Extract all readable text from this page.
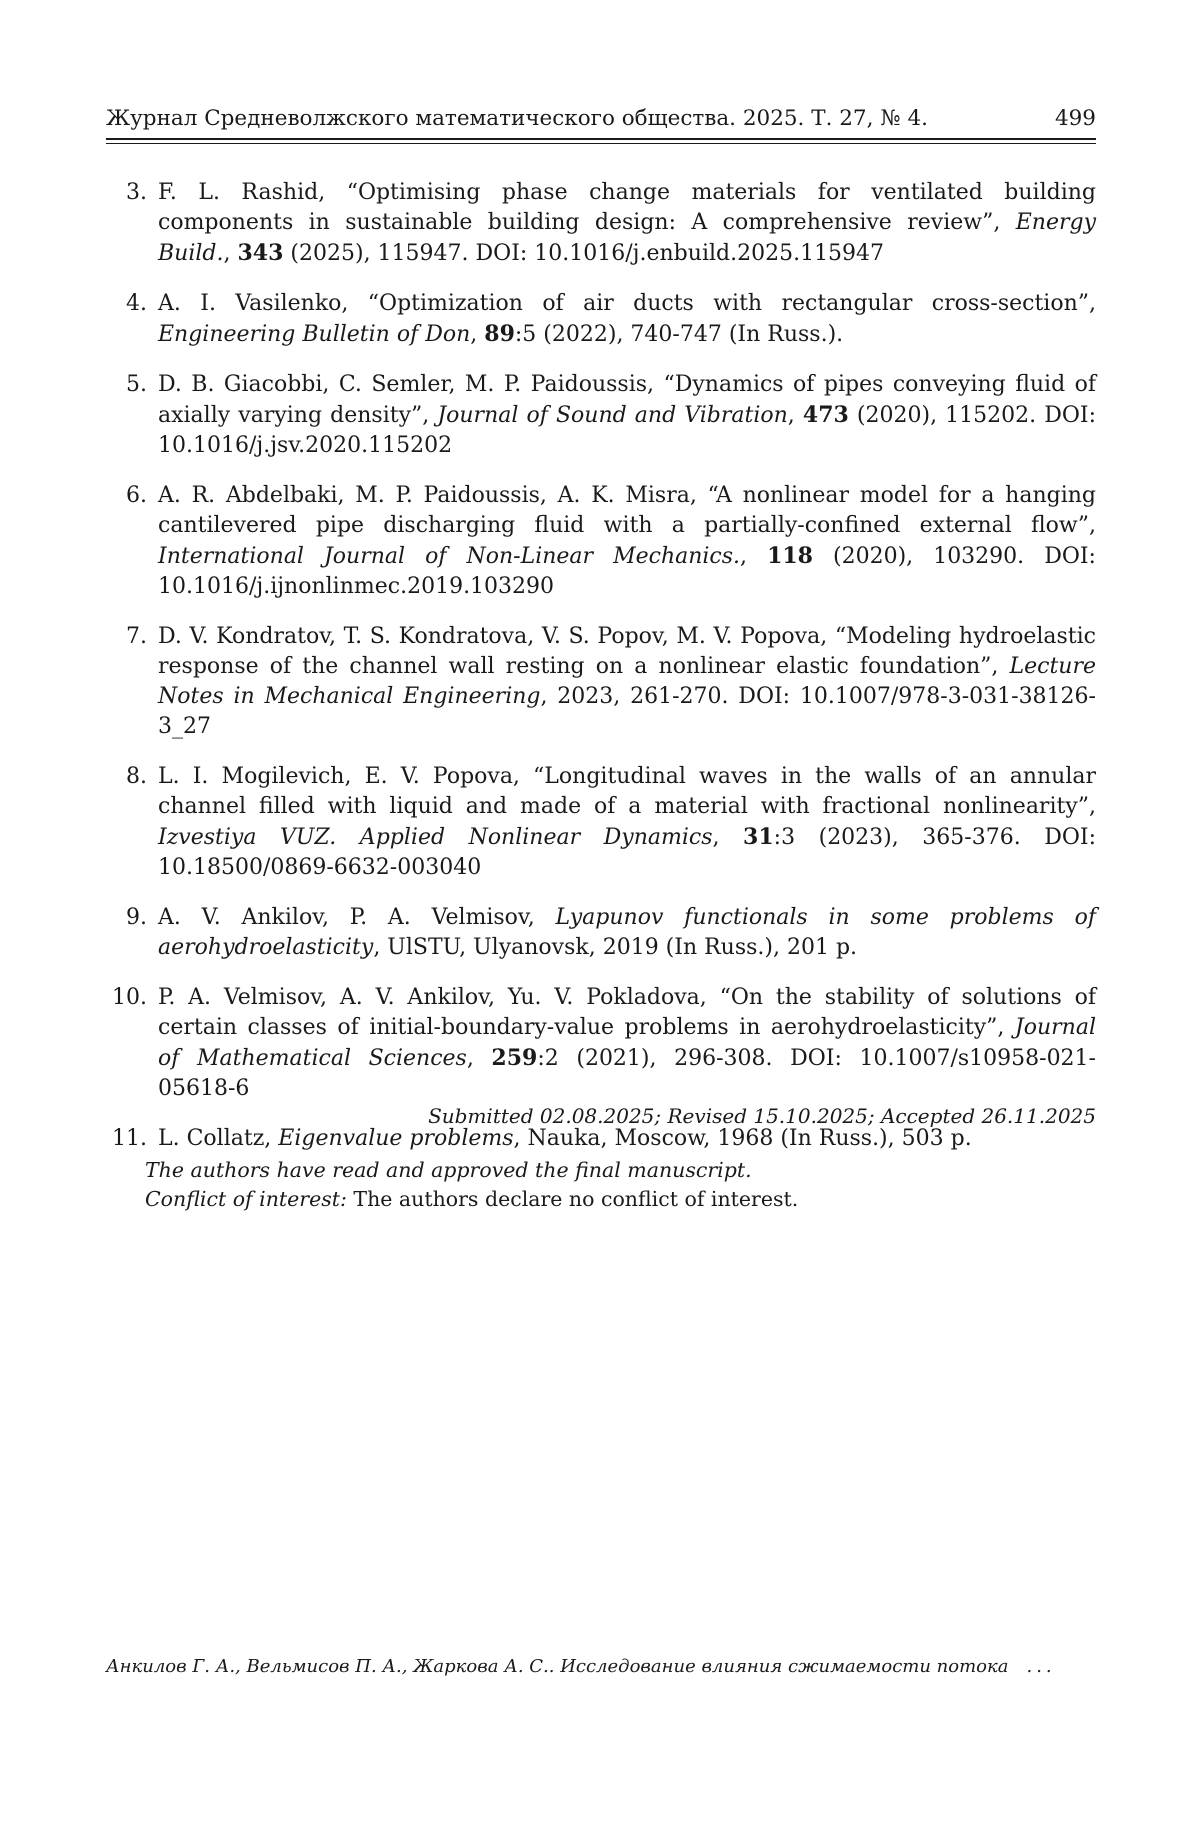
Журнал Средневолжского математического общества. 2025. Т. 27, № 4.	499
3. F. L. Rashid, “Optimising phase change materials for ventilated building components in sustainable building design: A comprehensive review”, Energy Build., 343 (2025), 115947. DOI: 10.1016/j.enbuild.2025.115947
4. A. I. Vasilenko, “Optimization of air ducts with rectangular cross-section”, Engineering Bulletin of Don, 89:5 (2022), 740-747 (In Russ.).
5. D. B. Giacobbi, C. Semler, M. P. Paidoussis, “Dynamics of pipes conveying fluid of axially varying density”, Journal of Sound and Vibration, 473 (2020), 115202. DOI: 10.1016/j.jsv.2020.115202
6. A. R. Abdelbaki, M. P. Paidoussis, A. K. Misra, “A nonlinear model for a hanging cantilevered pipe discharging fluid with a partially-confined external flow”, International Journal of Non-Linear Mechanics., 118 (2020), 103290. DOI: 10.1016/j.ijnonlinmec.2019.103290
7. D. V. Kondratov, T. S. Kondratova, V. S. Popov, M. V. Popova, “Modeling hydroelastic response of the channel wall resting on a nonlinear elastic foundation”, Lecture Notes in Mechanical Engineering, 2023, 261-270. DOI: 10.1007/978-3-031-38126-3_27
8. L. I. Mogilevich, E. V. Popova, “Longitudinal waves in the walls of an annular channel filled with liquid and made of a material with fractional nonlinearity”, Izvestiya VUZ. Applied Nonlinear Dynamics, 31:3 (2023), 365-376. DOI: 10.18500/0869-6632-003040
9. A. V. Ankilov, P. A. Velmisov, Lyapunov functionals in some problems of aerohydroelasticity, UlSTU, Ulyanovsk, 2019 (In Russ.), 201 p.
10. P. A. Velmisov, A. V. Ankilov, Yu. V. Pokladova, “On the stability of solutions of certain classes of initial-boundary-value problems in aerohydroelasticity”, Journal of Mathematical Sciences, 259:2 (2021), 296-308. DOI: 10.1007/s10958-021-05618-6
11. L. Collatz, Eigenvalue problems, Nauka, Moscow, 1968 (In Russ.), 503 p.
Submitted 02.08.2025; Revised 15.10.2025; Accepted 26.11.2025
The authors have read and approved the final manuscript.
Conflict of interest: The authors declare no conflict of interest.
Анкилов Г. А., Вельмисов П. А., Жаркова А. С.. Исследование влияния сжимаемости потока ...
